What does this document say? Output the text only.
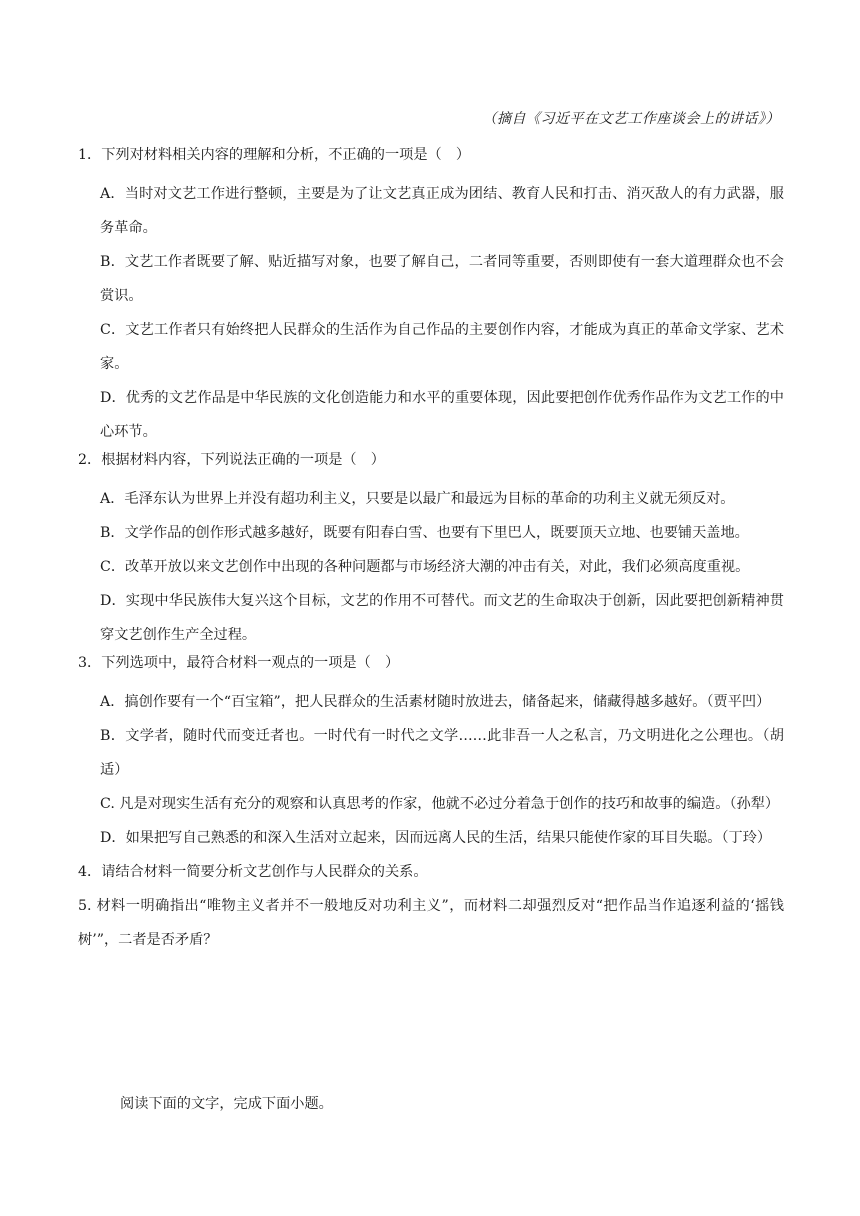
（摘自《习近平在文艺工作座谈会上的讲话》）
1．下列对材料相关内容的理解和分析，不正确的一项是（　）
A．当时对文艺工作进行整顿，主要是为了让文艺真正成为团结、教育人民和打击、消灭敌人的有力武器，服务革命。
B．文艺工作者既要了解、贴近描写对象，也要了解自己，二者同等重要，否则即使有一套大道理群众也不会赏识。
C．文艺工作者只有始终把人民群众的生活作为自己作品的主要创作内容，才能成为真正的革命文学家、艺术家。
D．优秀的文艺作品是中华民族的文化创造能力和水平的重要体现，因此要把创作优秀作品作为文艺工作的中心环节。
2．根据材料内容，下列说法正确的一项是（　）
A．毛泽东认为世界上并没有超功利主义，只要是以最广和最远为目标的革命的功利主义就无须反对。
B．文学作品的创作形式越多越好，既要有阳春白雪、也要有下里巴人，既要顶天立地、也要铺天盖地。
C．改革开放以来文艺创作中出现的各种问题都与市场经济大潮的冲击有关，对此，我们必须高度重视。
D．实现中华民族伟大复兴这个目标，文艺的作用不可替代。而文艺的生命取决于创新，因此要把创新精神贯穿文艺创作生产全过程。
3．下列选项中，最符合材料一观点的一项是（　）
A．搞创作要有一个“百宝箱”，把人民群众的生活素材随时放进去，储备起来，储藏得越多越好。（贾平凹）
B．文学者，随时代而变迁者也。一时代有一时代之文学……此非吾一人之私言，乃文明进化之公理也。（胡适）
C. 凡是对现实生活有充分的观察和认真思考的作家，他就不必过分着急于创作的技巧和故事的编造。（孙犁）
D．如果把写自己熟悉的和深入生活对立起来，因而远离人民的生活，结果只能使作家的耳目失聪。（丁玲）
4．请结合材料一简要分析文艺创作与人民群众的关系。
5. 材料一明确指出“唯物主义者并不一般地反对功利主义”，而材料二却强烈反对“把作品当作追逐利益的‘摇钱树’”，二者是否矛盾？
阅读下面的文字，完成下面小题。
